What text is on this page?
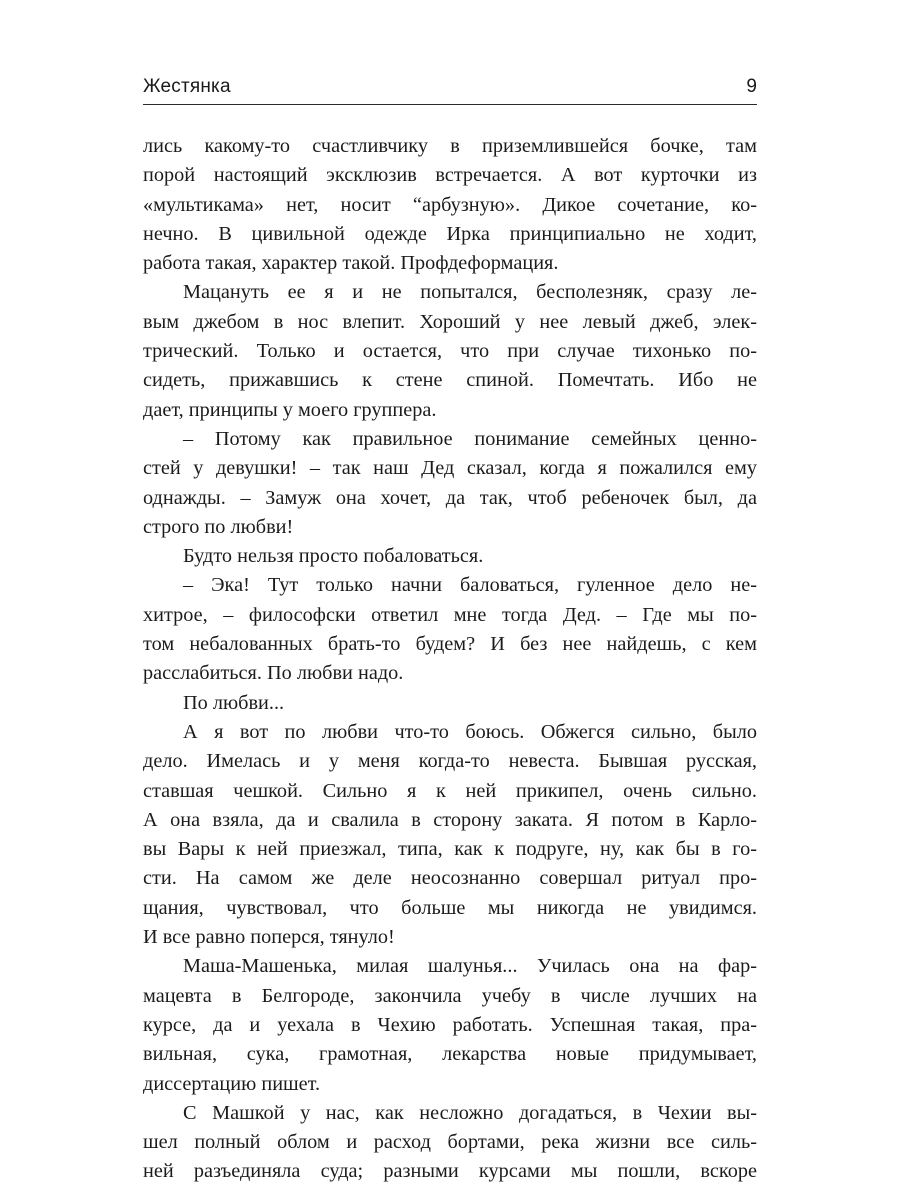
Жестянка	9

лись какому-то счастливчику в приземлившейся бочке, там
порой настоящий эксклюзив встречается. А вот курточки из
«мультикама» нет, носит “арбузную». Дикое сочетание, ко-
нечно. В цивильной одежде Ирка принципиально не ходит,
работа такая, характер такой. Профдеформация.

Мацануть ее я и не попытался, бесполезняк, сразу ле-
вым джебом в нос влепит. Хороший у нее левый джеб, элек-
трический. Только и остается, что при случае тихонько по-
сидеть, прижавшись к стене спиной. Помечтать. Ибо не
дает, принципы у моего группера.

– Потому как правильное понимание семейных ценно-
стей у девушки! – так наш Дед сказал, когда я пожалился ему
однажды. – Замуж она хочет, да так, чтоб ребеночек был, да
строго по любви!

Будто нельзя просто побаловаться.

– Эка! Тут только начни баловаться, гуленное дело не-
хитрое, – философски ответил мне тогда Дед. – Где мы по-
том небалованных брать-то будем? И без нее найдешь, с кем
расслабиться. По любви надо.

По любви...

А я вот по любви что-то боюсь. Обжегся сильно, было
дело. Имелась и у меня когда-то невеста. Бывшая русская,
ставшая чешкой. Сильно я к ней прикипел, очень сильно.
А она взяла, да и свалила в сторону заката. Я потом в Карло-
вы Вары к ней приезжал, типа, как к подруге, ну, как бы в го-
сти. На самом же деле неосознанно совершал ритуал про-
щания, чувствовал, что больше мы никогда не увидимся.
И все равно поперся, тянуло!

Маша-Машенька, милая шалунья... Училась она на фар-
мацевта в Белгороде, закончила учебу в числе лучших на
курсе, да и уехала в Чехию работать. Успешная такая, пра-
вильная, сука, грамотная, лекарства новые придумывает,
диссертацию пишет.

С Машкой у нас, как несложно догадаться, в Чехии вы-
шел полный облом и расход бортами, река жизни все силь-
ней разъединяла суда; разными курсами мы пошли, вскоре
